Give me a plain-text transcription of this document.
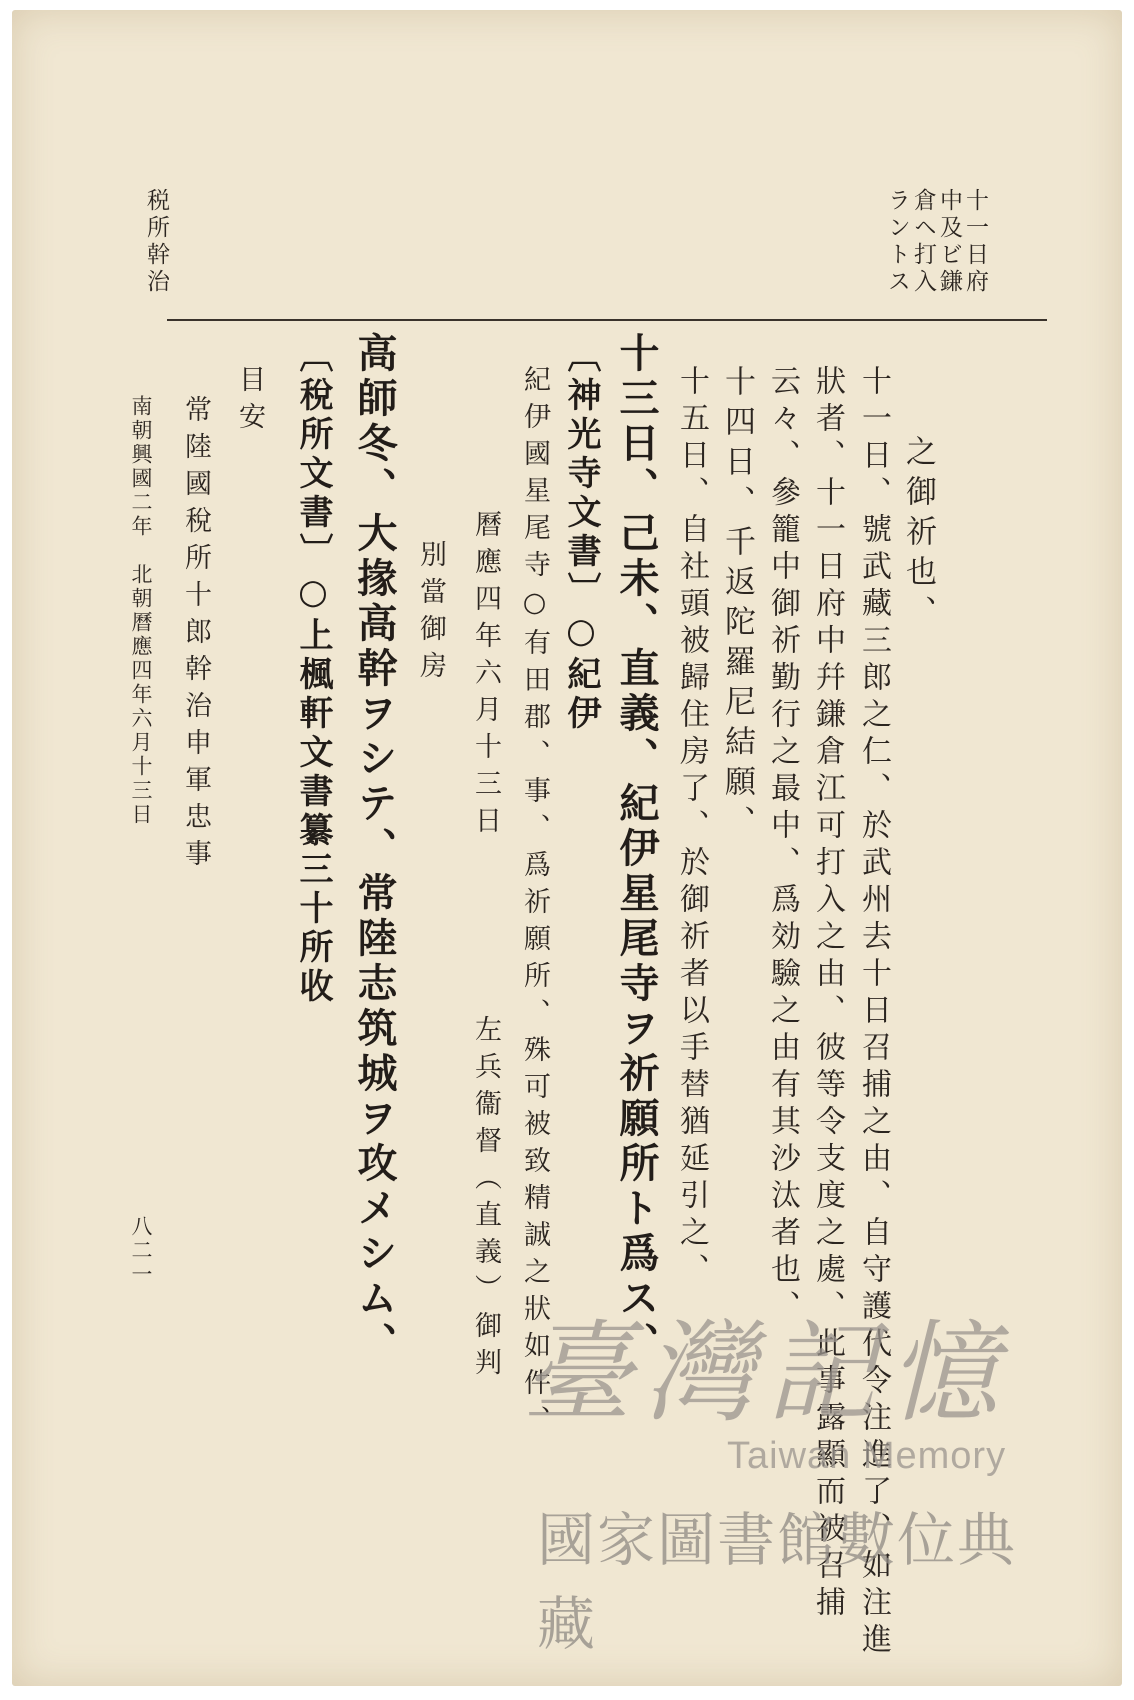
十一日府
中及ビ鎌
倉ヘ打入
ラントス
税所幹治
之御祈也、
十一日、號武藏三郎之仁、於武州去十日召捕之由、自守護代令注進了、如注進
狀者、十一日府中幷鎌倉江可打入之由、彼等令支度之處、此事露顯而被召捕
云々、參籠中御祈勤行之最中、爲効驗之由有其沙汰者也、
十四日、千返陀羅尼結願、
十五日、自社頭被歸住房了、於御祈者以手替猶延引之、
十三日、己未、直義、紀伊星尾寺ヲ祈願所ト爲ス、
〔神光寺文書〕○紀伊
紀伊國星尾寺○有田郡、事、爲祈願所、殊可被致精誠之狀如件、
曆應四年六月十三日
左兵衞督（直義）御判
別當御房
高師冬、大掾高幹ヲシテ、常陸志筑城ヲ攻メシム、
〔稅所文書〕○上楓軒文書纂三十所收
目安
常陸國稅所十郎幹治申軍忠事
南朝興國二年　北朝曆應四年六月十三日
八二一
臺灣記憶
Taiwan Memory
國家圖書館數位典藏
